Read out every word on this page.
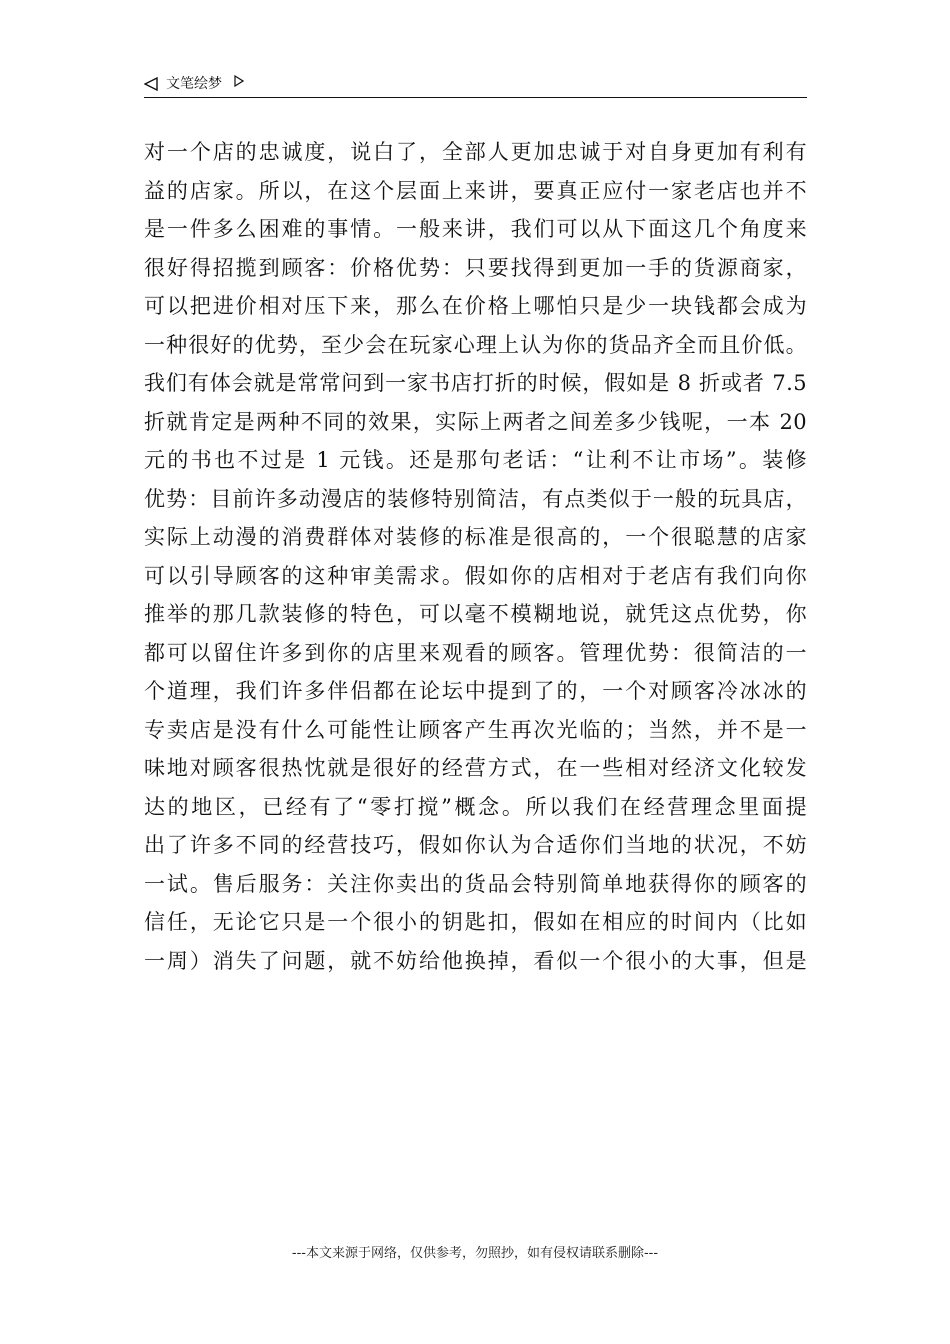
文笔绘梦
对一个店的忠诚度，说白了，全部人更加忠诚于对自身更加有利有
益的店家。所以，在这个层面上来讲，要真正应付一家老店也并不
是一件多么困难的事情。一般来讲，我们可以从下面这几个角度来
很好得招揽到顾客：价格优势：只要找得到更加一手的货源商家，
可以把进价相对压下来，那么在价格上哪怕只是少一块钱都会成为
一种很好的优势，至少会在玩家心理上认为你的货品齐全而且价低。
我们有体会就是常常问到一家书店打折的时候，假如是 8 折或者 7.5
折就肯定是两种不同的效果，实际上两者之间差多少钱呢，一本 20
元的书也不过是 1 元钱。还是那句老话：“让利不让市场”。装修
优势：目前许多动漫店的装修特别简洁，有点类似于一般的玩具店，
实际上动漫的消费群体对装修的标准是很高的，一个很聪慧的店家
可以引导顾客的这种审美需求。假如你的店相对于老店有我们向你
推举的那几款装修的特色，可以毫不模糊地说，就凭这点优势，你
都可以留住许多到你的店里来观看的顾客。管理优势：很简洁的一
个道理，我们许多伴侣都在论坛中提到了的，一个对顾客冷冰冰的
专卖店是没有什么可能性让顾客产生再次光临的；当然，并不是一
味地对顾客很热忱就是很好的经营方式，在一些相对经济文化较发
达的地区，已经有了“零打搅”概念。所以我们在经营理念里面提
出了许多不同的经营技巧，假如你认为合适你们当地的状况，不妨
一试。售后服务：关注你卖出的货品会特别简单地获得你的顾客的
信任，无论它只是一个很小的钥匙扣，假如在相应的时间内（比如
一周）消失了问题，就不妨给他换掉，看似一个很小的大事，但是
---本文来源于网络，仅供参考，勿照抄，如有侵权请联系删除---
